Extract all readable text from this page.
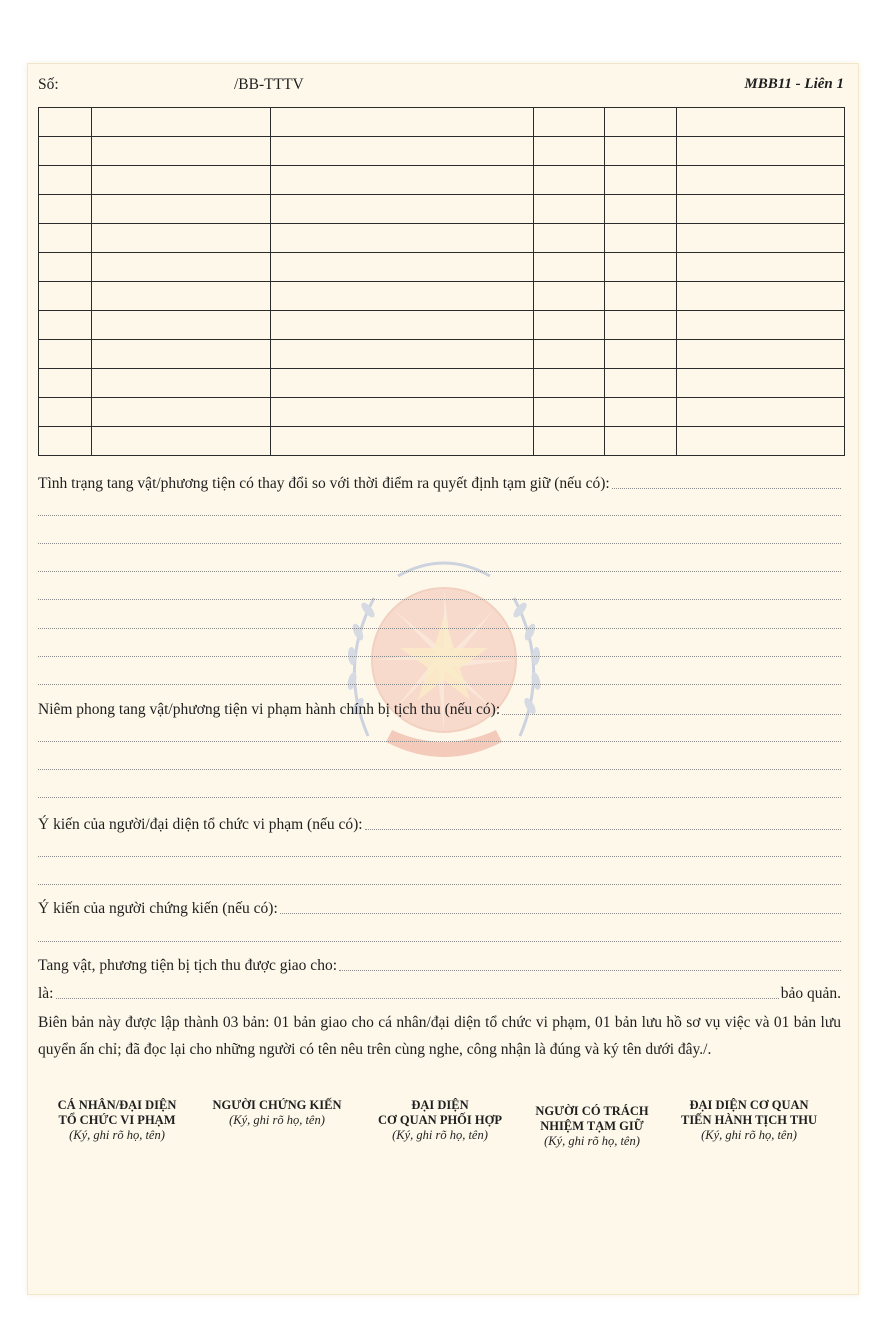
Số:	/BB-TTTV	MBB11 - Liên 1

Tình trạng tang vật/phương tiện có thay đổi so với thời điểm ra quyết định tạm giữ (nếu có):
Niêm phong tang vật/phương tiện vi phạm hành chính bị tịch thu (nếu có):
Ý kiến của người/đại diện tổ chức vi phạm (nếu có):
Ý kiến của người chứng kiến (nếu có):
Tang vật, phương tiện bị tịch thu được giao cho:
là:	bảo quản.
Biên bản này được lập thành 03 bản: 01 bản giao cho cá nhân/đại diện tổ chức vi phạm, 01 bản lưu hồ sơ vụ việc và 01 bản lưu quyển ấn chỉ; đã đọc lại cho những người có tên nêu trên cùng nghe, công nhận là đúng và ký tên dưới đây./.
CÁ NHÂN/ĐẠI DIỆN
TỔ CHỨC VI PHẠM
(Ký, ghi rõ họ, tên)
NGƯỜI CHỨNG KIẾN
(Ký, ghi rõ họ, tên)
ĐẠI DIỆN
CƠ QUAN PHỐI HỢP
(Ký, ghi rõ họ, tên)
NGƯỜI CÓ TRÁCH
NHIỆM TẠM GIỮ
(Ký, ghi rõ họ, tên)
ĐẠI DIỆN CƠ QUAN
TIẾN HÀNH TỊCH THU
(Ký, ghi rõ họ, tên)
